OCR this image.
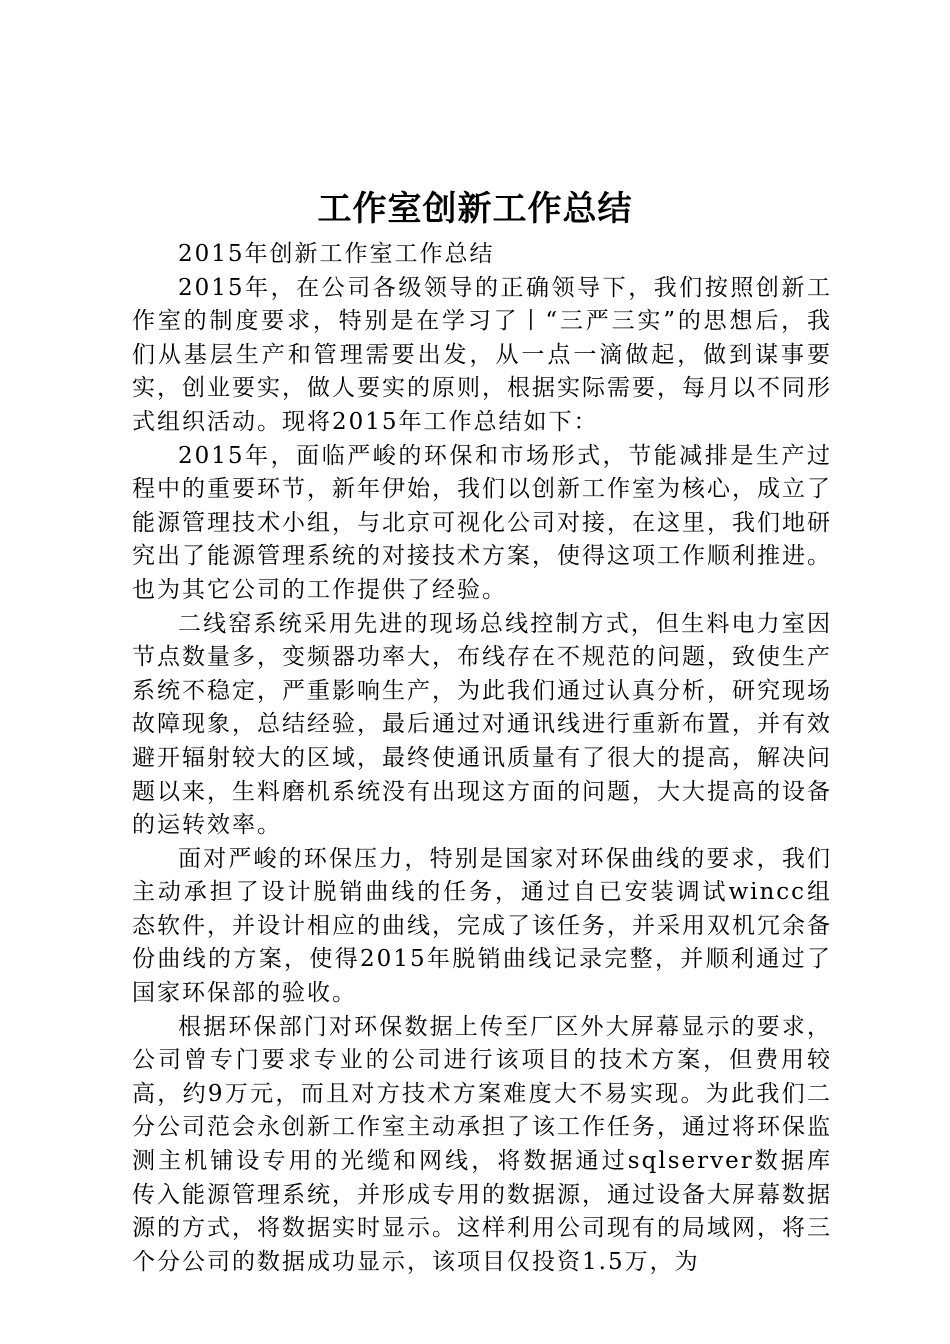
工作室创新工作总结

2015年创新工作室工作总结

2015年，在公司各级领导的正确领导下，我们按照创新工作室的制度要求，特别是在学习了丨“三严三实”的思想后，我们从基层生产和管理需要出发，从一点一滴做起，做到谋事要实，创业要实，做人要实的原则，根据实际需要，每月以不同形式组织活动。现将2015年工作总结如下：

2015年，面临严峻的环保和市场形式，节能减排是生产过程中的重要环节，新年伊始，我们以创新工作室为核心，成立了能源管理技术小组，与北京可视化公司对接，在这里，我们地研究出了能源管理系统的对接技术方案，使得这项工作顺利推进。也为其它公司的工作提供了经验。

二线窑系统采用先进的现场总线控制方式，但生料电力室因节点数量多，变频器功率大，布线存在不规范的问题，致使生产系统不稳定，严重影响生产，为此我们通过认真分析，研究现场故障现象，总结经验，最后通过对通讯线进行重新布置，并有效避开辐射较大的区域，最终使通讯质量有了很大的提高，解决问题以来，生料磨机系统没有出现这方面的问题，大大提高的设备的运转效率。

面对严峻的环保压力，特别是国家对环保曲线的要求，我们主动承担了设计脱销曲线的任务，通过自已安装调试wincc组态软件，并设计相应的曲线，完成了该任务，并采用双机冗余备份曲线的方案，使得2015年脱销曲线记录完整，并顺利通过了国家环保部的验收。

根据环保部门对环保数据上传至厂区外大屏幕显示的要求，公司曾专门要求专业的公司进行该项目的技术方案，但费用较高，约9万元，而且对方技术方案难度大不易实现。为此我们二分公司范会永创新工作室主动承担了该工作任务，通过将环保监测主机铺设专用的光缆和网线，将数据通过sqlserver数据库传入能源管理系统，并形成专用的数据源，通过设备大屏幕数据源的方式，将数据实时显示。这样利用公司现有的局域网，将三个分公司的数据成功显示，该项目仅投资1.5万，为
